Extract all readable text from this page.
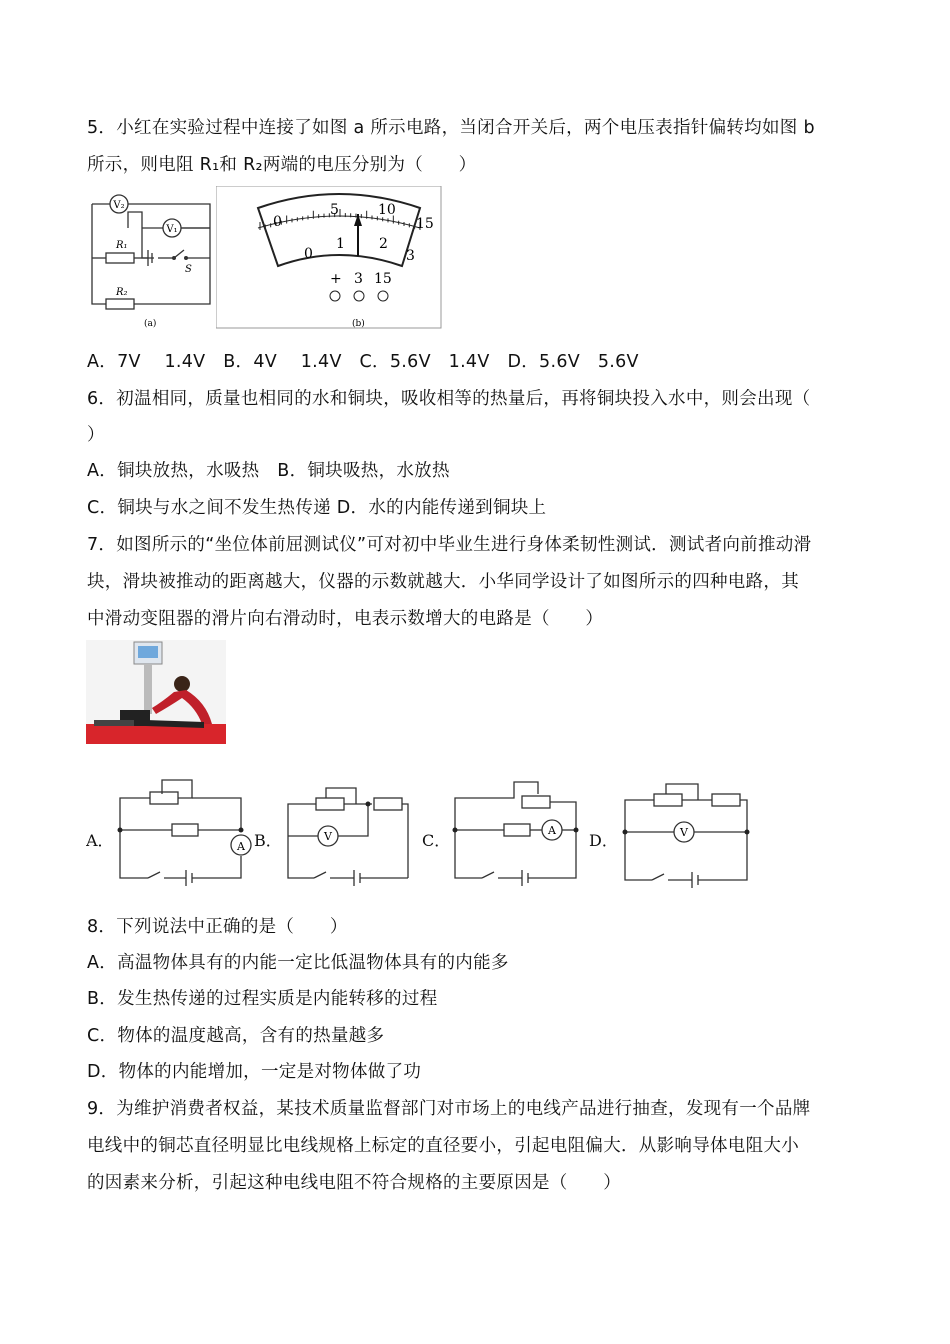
5．小红在实验过程中连接了如图 a 所示电路，当闭合开关后，两个电压表指针偏转均如图 b
所示，则电阻 R₁和 R₂两端的电压分别为（　　）
V₂
V₁
R₁
R₂
S
(a)
0
5	10
15
0
1 2
3
+ 3 15
(b)
A．7V　 1.4V　B．4V　 1.4V　C．5.6V　1.4V　D．5.6V　5.6V
6．初温相同，质量也相同的水和铜块，吸收相等的热量后，再将铜块投入水中，则会出现（
）
A．铜块放热，水吸热　B．铜块吸热，水放热
C．铜块与水之间不发生热传递 D．水的内能传递到铜块上
7．如图所示的“坐位体前屈测试仪”可对初中毕业生进行身体柔韧性测试．测试者向前推动滑
块，滑块被推动的距离越大，仪器的示数就越大．小华同学设计了如图所示的四种电路，其
中滑动变阻器的滑片向右滑动时，电表示数增大的电路是（　　）
A．	B．	C．	D．
A
V	A	V
8．下列说法中正确的是（　　）
A．高温物体具有的内能一定比低温物体具有的内能多
B．发生热传递的过程实质是内能转移的过程
C．物体的温度越高，含有的热量越多
D．物体的内能增加，一定是对物体做了功
9．为维护消费者权益，某技术质量监督部门对市场上的电线产品进行抽查，发现有一个品牌
电线中的铜芯直径明显比电线规格上标定的直径要小，引起电阻偏大．从影响导体电阻大小
的因素来分析，引起这种电线电阻不符合规格的主要原因是（　　）
